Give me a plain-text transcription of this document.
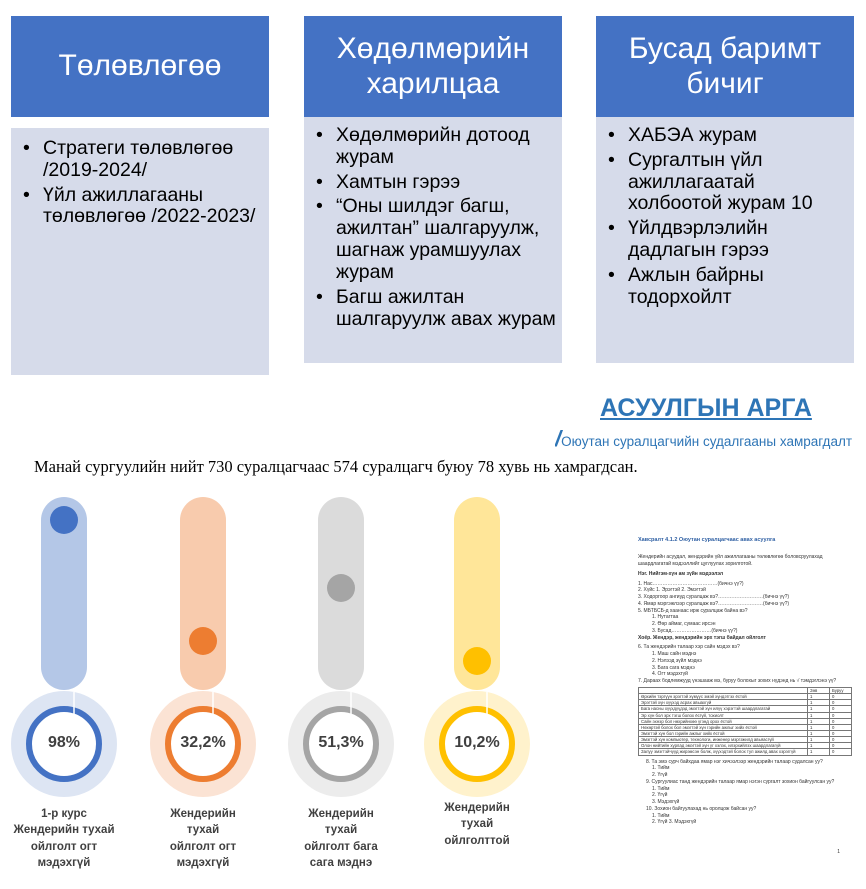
Төлөвлөгөө
• Стратеги төлөвлөгөө /2019-2024/
• Үйл ажиллагааны төлөвлөгөө /2022-2023/
Хөдөлмөрийн харилцаа
• Хөдөлмөрийн дотоод журам
• Хамтын гэрээ
• “Оны шилдэг багш, ажилтан” шалгаруулж, шагнаж урамшуулах журам
• Багш ажилтан шалгаруулж авах журам
Бусад баримт бичиг
• ХАБЭА журам
• Сургалтын үйл ажиллагаатай холбоотой журам 10
• Үйлдвэрлэлийн дадлагын гэрээ
• Ажлын байрны тодорхойлт
АСУУЛГЫН АРГА
/Оюутан суралцагчийн судалгааны хамрагдалт
Манай сургуулийн нийт 730 суралцагчаас 574 суралцагч буюу 78 хувь нь хамрагдсан.
98%
1-р курс
Жендерийн тухай
ойлголт огт
мэдэхгүй
32,2%
Жендерийн
тухай
ойлголт огт
мэдэхгүй
51,3%
Жендерийн
тухай
ойлголт бага
сага мэднэ
10,2%
Жендерийн
тухай
ойлголттой
Хавсралт 4.1.2 Оюутан суралцагчаас авах асуулга
Жендерийн асуудал, жендэрийн үйл ажиллагааны төлөвлөгөө боловсруулахад шаардлагатай мэдээллийг цуглуулах зорилготой.
Нэг. Нийгэм-хүн ам зүйн мэдээлэл
1. Нас…………………………………(бичнэ үү?)
2. Хүйс 1. Эрэгтэй 2. Эмэгтэй
3. Ходоргоор ангиуд суралцаж вэ?………………………(бичнэ үү?)
4. Ямар мэргэжлээр суралцаж вэ?………………………(бичнэ үү?)
5. МБТБСБ-д хаанаас ирж суралцаж байна вэ?
1. Нутагтаа
2. Өөр аймаг, сумаас ирсэн
3. Бусад……………………(бичнэ үү?)
Хоёр. Жендэр, жендэрийн эрх тэгш байдал ойлголт
6. Та жендэрийн талаар хэр сайн мэдэх вэ?
1. Маш сайн мэднэ
2. Нэлээд зүйл мэднэ
3. Бага сага мэднэ
4. Огт мэдэхгүй
7. Дараах бодлемжууд үнэшааж мэ, буруу болохыг зохих нүдэнд нь √ тэмдэглэнэ үү?
	Зөв	Буруу
Өрхийн тэргүүн эрэгтэй хүмүүс эмэй хүндэтгэх ёстой	1	0
Эрэгтэй хүн хүүхэд асрах авыахгүй	1	0
Бага насны хүүхдүүдэд эмэгтэй хүн илүү хэрэгтэй шаардлагатай	1	0
Эр хүн бол эрх тэгш болох ёсгүй, тохиолт	1	0
Сайн эхнэр бол нөхрийнхөө үгэнд орох ёстой	1	0
Нөхөртэй болох бол эмэгтэй хүн гэрийн ажлыг хийх ёстой	1	0
Эмэгтэй хүн бол гэрийн ажлыг хийх ёстой	1	0
Эмэгтэй хүн компьютер, технологи, инженер мэргэжилд авьяасгүй	1	0
Олон нийтийн хурлад эмэгтэй хүн үг хэлэх, илэрхийлэх шаардлагагүй	1	0
Залуу эмэгтэйчүүд жирэмсэн болж, хүүхэдтэй болох тул ажилд авах хэрэггүй	1	0
8. Та эмэ сурч байхдаа ямар нэг хичээлээр жендэрийн талаар судалсан уу?
1. Тийм
2. Үгүй
9. Сургуулиас танд жендэрийн талаар ямар нэгэн сургалт зохион байгуулсан уу?
1. Тийм
2. Үгүй
3. Мэдэхгүй
10. Зохион байгуулахад нь оролцож байсан уу?
1. Тийм
2. Үгүй 3. Мэдэхгүй
1
